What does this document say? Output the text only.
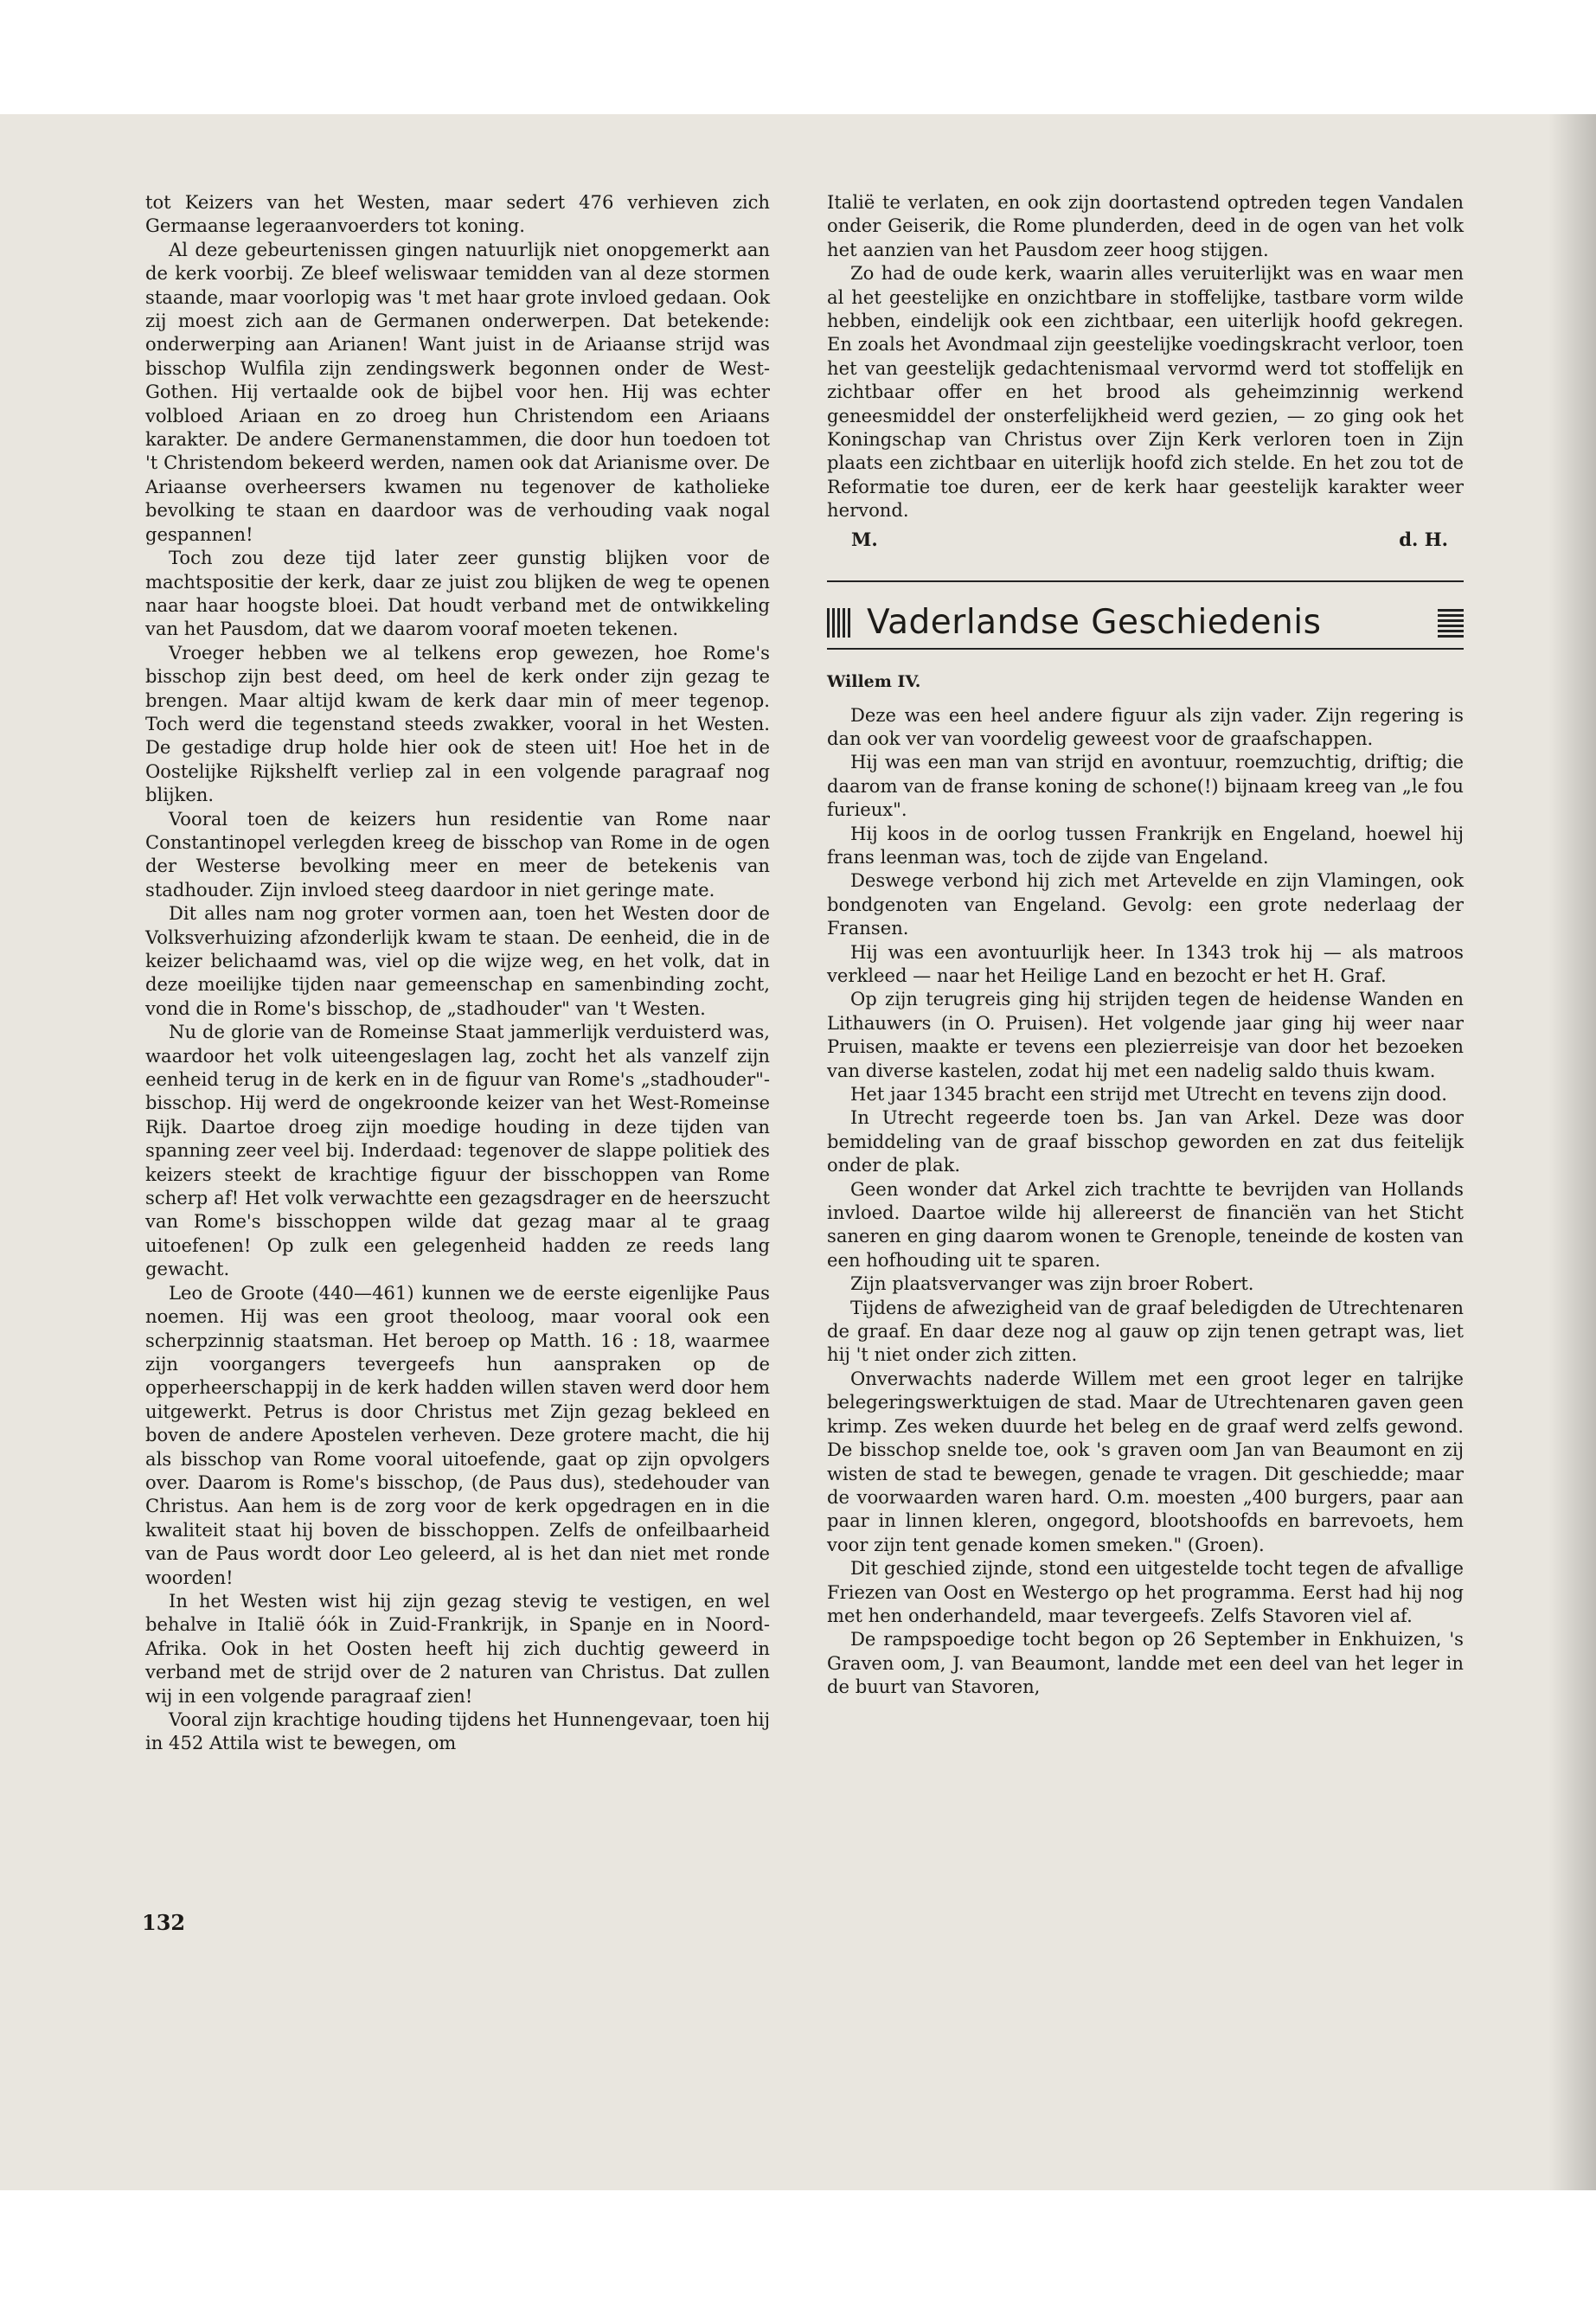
tot Keizers van het Westen, maar sedert 476 verhieven zich Germaanse legeraanvoerders tot koning.

Al deze gebeurtenissen gingen natuurlijk niet onopgemerkt aan de kerk voorbij. Ze bleef weliswaar temidden van al deze stormen staande, maar voorlopig was 't met haar grote invloed gedaan. Ook zij moest zich aan de Germanen onderwerpen. Dat betekende: onderwerping aan Arianen! Want juist in de Ariaanse strijd was bisschop Wulfila zijn zendingswerk begonnen onder de West-Gothen. Hij vertaalde ook de bijbel voor hen. Hij was echter volbloed Ariaan en zo droeg hun Christendom een Ariaans karakter. De andere Germanenstammen, die door hun toedoen tot 't Christendom bekeerd werden, namen ook dat Arianisme over. De Ariaanse overheersers kwamen nu tegenover de katholieke bevolking te staan en daardoor was de verhouding vaak nogal gespannen!

Toch zou deze tijd later zeer gunstig blijken voor de machtspositie der kerk, daar ze juist zou blijken de weg te openen naar haar hoogste bloei. Dat houdt verband met de ontwikkeling van het Pausdom, dat we daarom vooraf moeten tekenen.

Vroeger hebben we al telkens erop gewezen, hoe Rome's bisschop zijn best deed, om heel de kerk onder zijn gezag te brengen. Maar altijd kwam de kerk daar min of meer tegenop. Toch werd die tegenstand steeds zwakker, vooral in het Westen. De gestadige drup holde hier ook de steen uit! Hoe het in de Oostelijke Rijkshelft verliep zal in een volgende paragraaf nog blijken.

Vooral toen de keizers hun residentie van Rome naar Constantinopel verlegden kreeg de bisschop van Rome in de ogen der Westerse bevolking meer en meer de betekenis van stadhouder. Zijn invloed steeg daardoor in niet geringe mate.

Dit alles nam nog groter vormen aan, toen het Westen door de Volksverhuizing afzonderlijk kwam te staan. De eenheid, die in de keizer belichaamd was, viel op die wijze weg, en het volk, dat in deze moeilijke tijden naar gemeenschap en samenbinding zocht, vond die in Rome's bisschop, de „stadhouder" van 't Westen.

Nu de glorie van de Romeinse Staat jammerlijk verduisterd was, waardoor het volk uiteengeslagen lag, zocht het als vanzelf zijn eenheid terug in de kerk en in de figuur van Rome's „stadhouder"-bisschop. Hij werd de ongekroonde keizer van het West-Romeinse Rijk. Daartoe droeg zijn moedige houding in deze tijden van spanning zeer veel bij. Inderdaad: tegenover de slappe politiek des keizers steekt de krachtige figuur der bisschoppen van Rome scherp af! Het volk verwachtte een gezagsdrager en de heerszucht van Rome's bisschoppen wilde dat gezag maar al te graag uitoefenen! Op zulk een gelegenheid hadden ze reeds lang gewacht.

Leo de Groote (440—461) kunnen we de eerste eigenlijke Paus noemen. Hij was een groot theoloog, maar vooral ook een scherpzinnig staatsman. Het beroep op Matth. 16 : 18, waarmee zijn voorgangers tevergeefs hun aanspraken op de opperheerschappij in de kerk hadden willen staven werd door hem uitgewerkt. Petrus is door Christus met Zijn gezag bekleed en boven de andere Apostelen verheven. Deze grotere macht, die hij als bisschop van Rome vooral uitoefende, gaat op zijn opvolgers over. Daarom is Rome's bisschop, (de Paus dus), stedehouder van Christus. Aan hem is de zorg voor de kerk opgedragen en in die kwaliteit staat hij boven de bisschoppen. Zelfs de onfeilbaarheid van de Paus wordt door Leo geleerd, al is het dan niet met ronde woorden!

In het Westen wist hij zijn gezag stevig te vestigen, en wel behalve in Italië óók in Zuid-Frankrijk, in Spanje en in Noord-Afrika. Ook in het Oosten heeft hij zich duchtig geweerd in verband met de strijd over de 2 naturen van Christus. Dat zullen wij in een volgende paragraaf zien!

Vooral zijn krachtige houding tijdens het Hunnengevaar, toen hij in 452 Attila wist te bewegen, om

Italië te verlaten, en ook zijn doortastend optreden tegen Vandalen onder Geiserik, die Rome plunderden, deed in de ogen van het volk het aanzien van het Pausdom zeer hoog stijgen.

Zo had de oude kerk, waarin alles veruiterlijkt was en waar men al het geestelijke en onzichtbare in stoffelijke, tastbare vorm wilde hebben, eindelijk ook een zichtbaar, een uiterlijk hoofd gekregen. En zoals het Avondmaal zijn geestelijke voedingskracht verloor, toen het van geestelijk gedachtenismaal vervormd werd tot stoffelijk en zichtbaar offer en het brood als geheimzinnig werkend geneesmiddel der onsterfelijkheid werd gezien, — zo ging ook het Koningschap van Christus over Zijn Kerk verloren toen in Zijn plaats een zichtbaar en uiterlijk hoofd zich stelde. En het zou tot de Reformatie toe duren, eer de kerk haar geestelijk karakter weer hervond.

M.	d. H.
Vaderlandse Geschiedenis
Willem IV.

Deze was een heel andere figuur als zijn vader. Zijn regering is dan ook ver van voordelig geweest voor de graafschappen.

Hij was een man van strijd en avontuur, roemzuchtig, driftig; die daarom van de franse koning de schone(!) bijnaam kreeg van „le fou furieux".

Hij koos in de oorlog tussen Frankrijk en Engeland, hoewel hij frans leenman was, toch de zijde van Engeland.

Deswege verbond hij zich met Artevelde en zijn Vlamingen, ook bondgenoten van Engeland. Gevolg: een grote nederlaag der Fransen.

Hij was een avontuurlijk heer. In 1343 trok hij — als matroos verkleed — naar het Heilige Land en bezocht er het H. Graf.

Op zijn terugreis ging hij strijden tegen de heidense Wanden en Lithauwers (in O. Pruisen). Het volgende jaar ging hij weer naar Pruisen, maakte er tevens een plezierreisje van door het bezoeken van diverse kastelen, zodat hij met een nadelig saldo thuis kwam.

Het jaar 1345 bracht een strijd met Utrecht en tevens zijn dood.

In Utrecht regeerde toen bs. Jan van Arkel. Deze was door bemiddeling van de graaf bisschop geworden en zat dus feitelijk onder de plak.

Geen wonder dat Arkel zich trachtte te bevrijden van Hollands invloed. Daartoe wilde hij allereerst de financiën van het Sticht saneren en ging daarom wonen te Grenople, teneinde de kosten van een hofhouding uit te sparen.

Zijn plaatsvervanger was zijn broer Robert.

Tijdens de afwezigheid van de graaf beledigden de Utrechtenaren de graaf. En daar deze nog al gauw op zijn tenen getrapt was, liet hij 't niet onder zich zitten.

Onverwachts naderde Willem met een groot leger en talrijke belegeringswerktuigen de stad. Maar de Utrechtenaren gaven geen krimp. Zes weken duurde het beleg en de graaf werd zelfs gewond. De bisschop snelde toe, ook 's graven oom Jan van Beaumont en zij wisten de stad te bewegen, genade te vragen. Dit geschiedde; maar de voorwaarden waren hard. O.m. moesten „400 burgers, paar aan paar in linnen kleren, ongegord, blootshoofds en barrevoets, hem voor zijn tent genade komen smeken." (Groen).

Dit geschied zijnde, stond een uitgestelde tocht tegen de afvallige Friezen van Oost en Westergo op het programma. Eerst had hij nog met hen onderhandeld, maar tevergeefs. Zelfs Stavoren viel af.

De rampspoedige tocht begon op 26 September in Enkhuizen, 's Graven oom, J. van Beaumont, landde met een deel van het leger in de buurt van Stavoren,

132
